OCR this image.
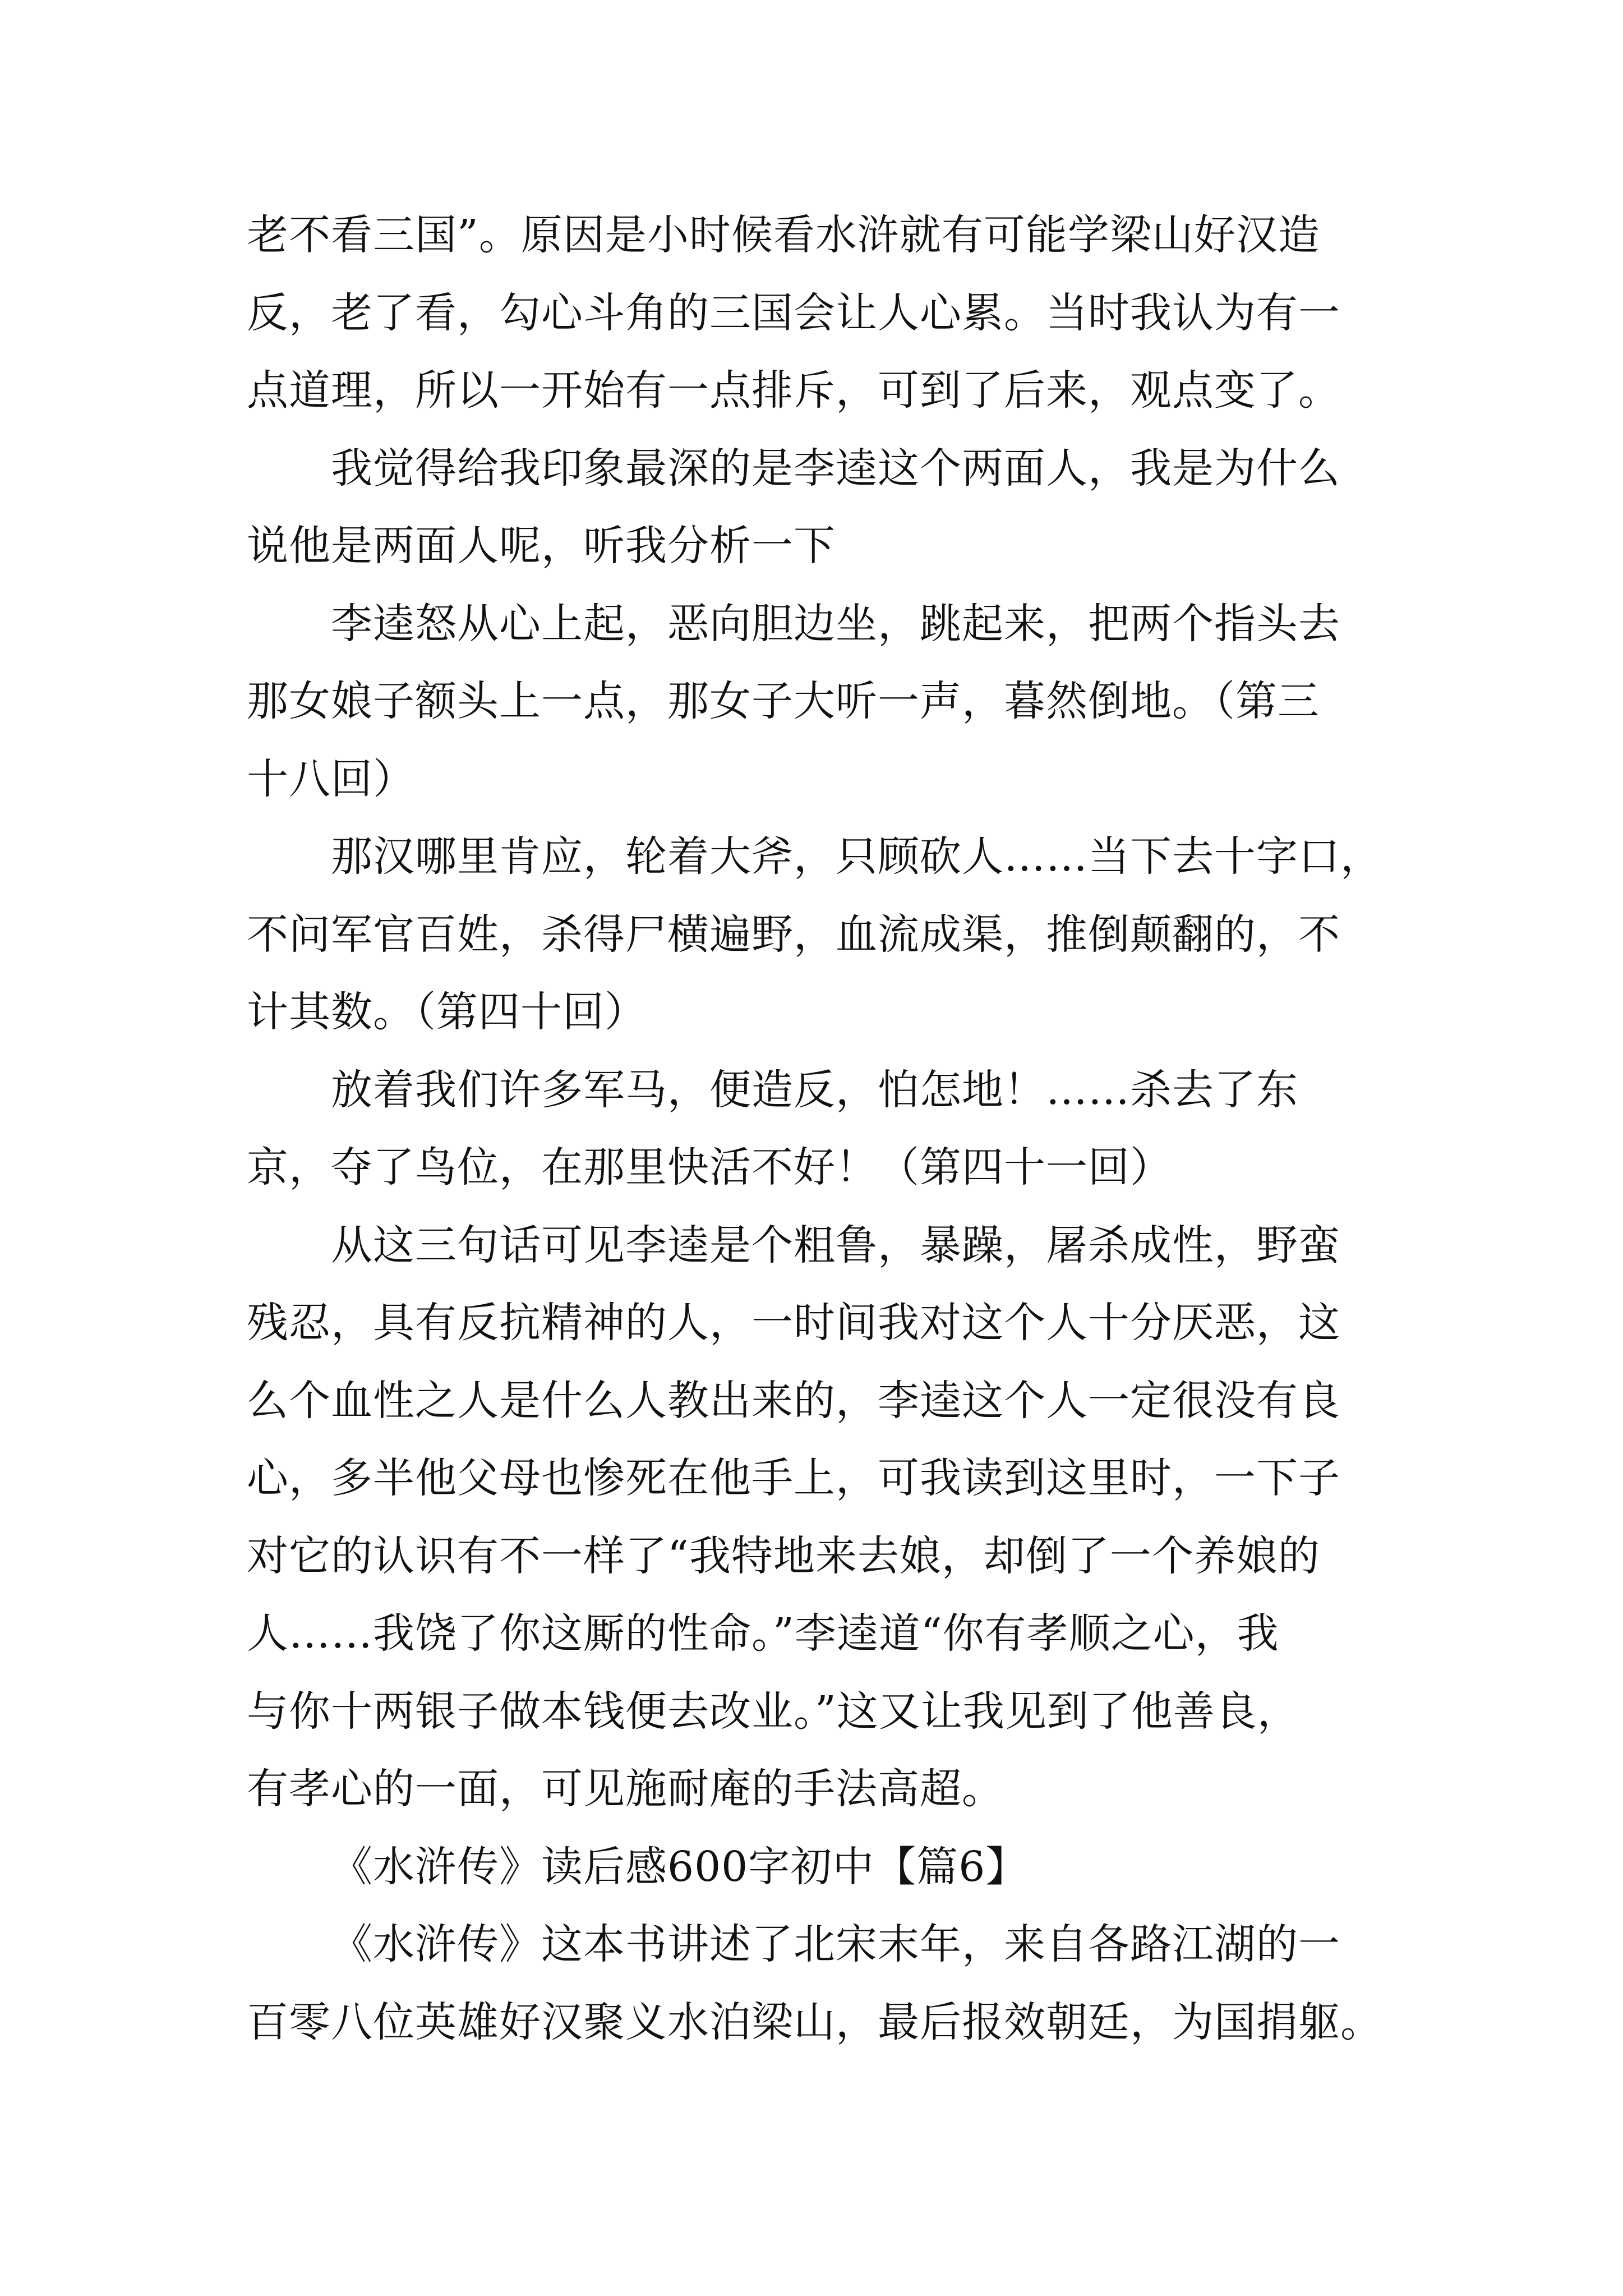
老不看三国”。原因是小时候看水浒就有可能学梁山好汉造
反，老了看，勾心斗角的三国会让人心累。当时我认为有一
点道理，所以一开始有一点排斥，可到了后来，观点变了。
我觉得给我印象最深的是李逵这个两面人，我是为什么
说他是两面人呢，听我分析一下
李逵怒从心上起，恶向胆边坐，跳起来，把两个指头去
那女娘子额头上一点，那女子大听一声，暮然倒地。（第三
十八回）
那汉哪里肯应，轮着大斧，只顾砍人……当下去十字口，
不问军官百姓，杀得尸横遍野，血流成渠，推倒颠翻的，不
计其数。（第四十回）
放着我们许多军马，便造反，怕怎地！……杀去了东
京，夺了鸟位，在那里快活不好！（第四十一回）
从这三句话可见李逵是个粗鲁，暴躁，屠杀成性，野蛮
残忍，具有反抗精神的人，一时间我对这个人十分厌恶，这
么个血性之人是什么人教出来的，李逵这个人一定很没有良
心，多半他父母也惨死在他手上，可我读到这里时，一下子
对它的认识有不一样了“我特地来去娘，却倒了一个养娘的
人……我饶了你这厮的性命。”李逵道“你有孝顺之心，我
与你十两银子做本钱便去改业。”这又让我见到了他善良，
有孝心的一面，可见施耐庵的手法高超。
《水浒传》读后感600字初中【篇6】
《水浒传》这本书讲述了北宋末年，来自各路江湖的一
百零八位英雄好汉聚义水泊梁山，最后报效朝廷，为国捐躯。
